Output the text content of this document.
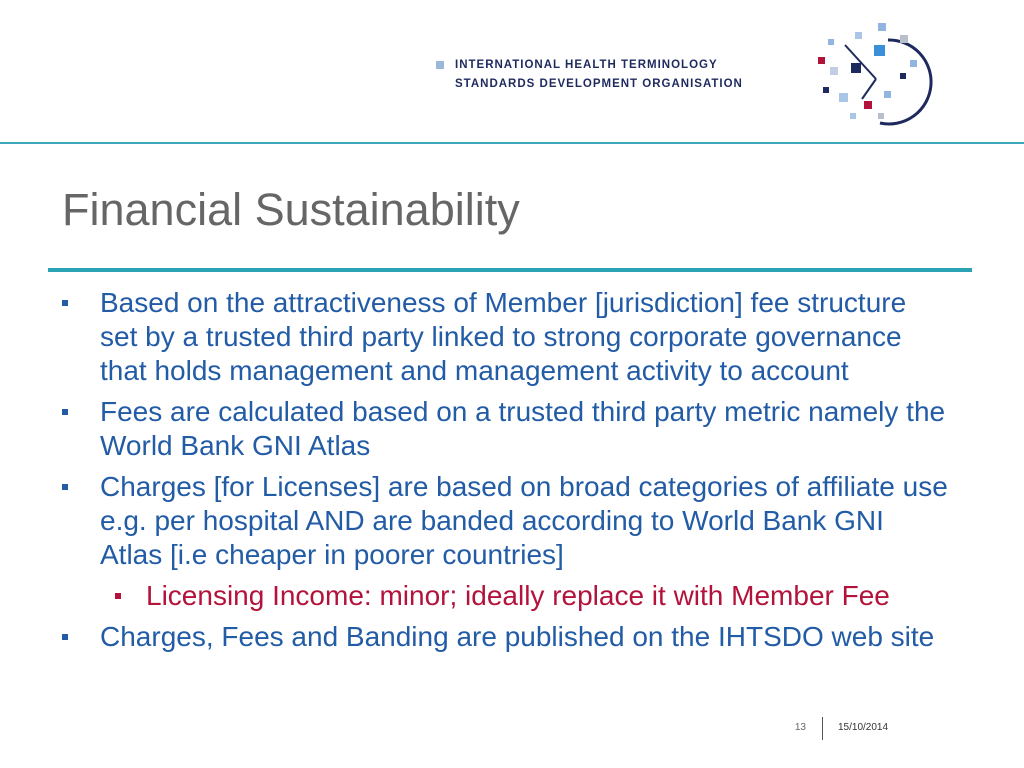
INTERNATIONAL HEALTH TERMINOLOGY
STANDARDS DEVELOPMENT ORGANISATION
Financial Sustainability
Based on the attractiveness of Member [jurisdiction] fee structure
set by a trusted third party linked to strong corporate governance
that holds management and management activity to account
Fees are calculated based on a trusted third party metric namely the
World Bank GNI Atlas
Charges [for Licenses] are based on broad categories of affiliate use
e.g. per hospital AND are banded according to World Bank GNI
Atlas [i.e cheaper in poorer countries]
Licensing Income: minor; ideally replace it with Member Fee
Charges, Fees and Banding are published on the IHTSDO web site
13	15/10/2014
